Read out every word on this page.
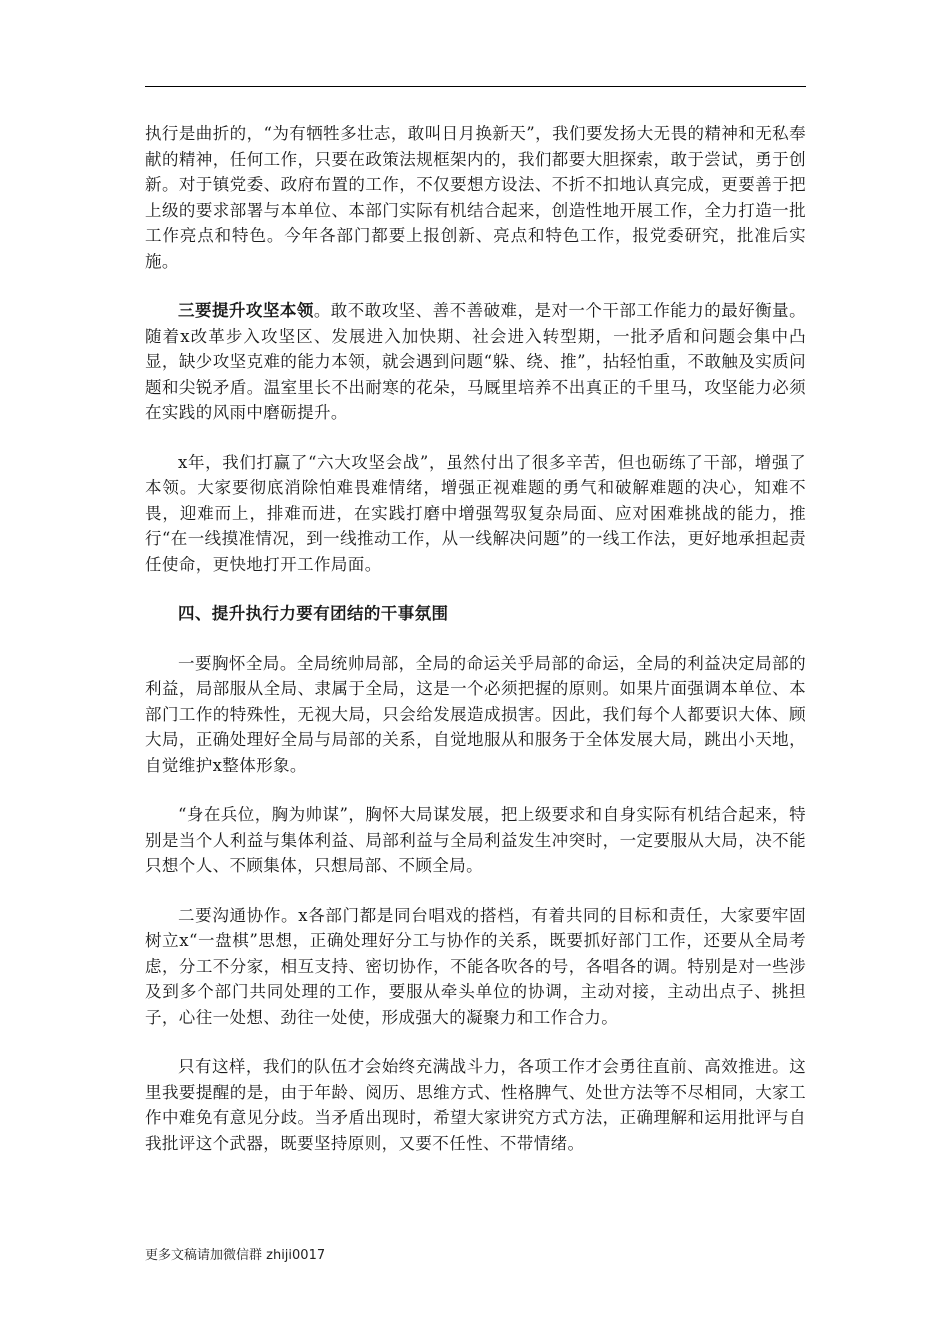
执行是曲折的，“为有牺牲多壮志，敢叫日月换新天”，我们要发扬大无畏的精神和无私奉献的精神，任何工作，只要在政策法规框架内的，我们都要大胆探索，敢于尝试，勇于创新。对于镇党委、政府布置的工作，不仅要想方设法、不折不扣地认真完成，更要善于把上级的要求部署与本单位、本部门实际有机结合起来，创造性地开展工作，全力打造一批工作亮点和特色。今年各部门都要上报创新、亮点和特色工作，报党委研究，批准后实施。

三要提升攻坚本领。敢不敢攻坚、善不善破难，是对一个干部工作能力的最好衡量。随着x改革步入攻坚区、发展进入加快期、社会进入转型期，一批矛盾和问题会集中凸显，缺少攻坚克难的能力本领，就会遇到问题“躲、绕、推”，拈轻怕重，不敢触及实质问题和尖锐矛盾。温室里长不出耐寒的花朵，马厩里培养不出真正的千里马，攻坚能力必须在实践的风雨中磨砺提升。

x年，我们打赢了“六大攻坚会战”，虽然付出了很多辛苦，但也砺练了干部，增强了本领。大家要彻底消除怕难畏难情绪，增强正视难题的勇气和破解难题的决心，知难不畏，迎难而上，排难而进，在实践打磨中增强驾驭复杂局面、应对困难挑战的能力，推行“在一线摸准情况，到一线推动工作，从一线解决问题”的一线工作法，更好地承担起责任使命，更快地打开工作局面。

四、提升执行力要有团结的干事氛围

一要胸怀全局。全局统帅局部，全局的命运关乎局部的命运，全局的利益决定局部的利益，局部服从全局、隶属于全局，这是一个必须把握的原则。如果片面强调本单位、本部门工作的特殊性，无视大局，只会给发展造成损害。因此，我们每个人都要识大体、顾大局，正确处理好全局与局部的关系，自觉地服从和服务于全体发展大局，跳出小天地，自觉维护x整体形象。

“身在兵位，胸为帅谋”，胸怀大局谋发展，把上级要求和自身实际有机结合起来，特别是当个人利益与集体利益、局部利益与全局利益发生冲突时，一定要服从大局，决不能只想个人、不顾集体，只想局部、不顾全局。

二要沟通协作。x各部门都是同台唱戏的搭档，有着共同的目标和责任，大家要牢固树立x“一盘棋”思想，正确处理好分工与协作的关系，既要抓好部门工作，还要从全局考虑，分工不分家，相互支持、密切协作，不能各吹各的号，各唱各的调。特别是对一些涉及到多个部门共同处理的工作，要服从牵头单位的协调，主动对接，主动出点子、挑担子，心往一处想、劲往一处使，形成强大的凝聚力和工作合力。

只有这样，我们的队伍才会始终充满战斗力，各项工作才会勇往直前、高效推进。这里我要提醒的是，由于年龄、阅历、思维方式、性格脾气、处世方法等不尽相同，大家工作中难免有意见分歧。当矛盾出现时，希望大家讲究方式方法，正确理解和运用批评与自我批评这个武器，既要坚持原则，又要不任性、不带情绪。

更多文稿请加微信群 zhiji0017
